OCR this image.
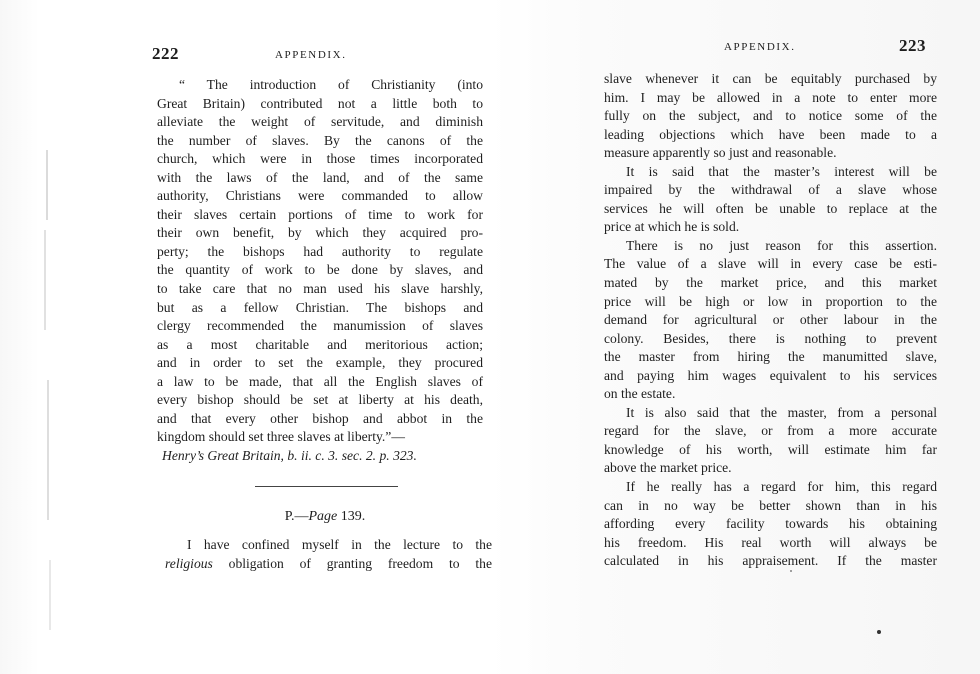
222	APPENDIX.
“ The introduction of Christianity (into
Great Britain) contributed not a little both to
alleviate the weight of servitude, and diminish
the number of slaves. By the canons of the
church, which were in those times incorporated
with the laws of the land, and of the same
authority, Christians were commanded to allow
their slaves certain portions of time to work for
their own benefit, by which they acquired pro-
perty; the bishops had authority to regulate
the quantity of work to be done by slaves, and
to take care that no man used his slave harshly,
but as a fellow Christian. The bishops and
clergy recommended the manumission of slaves
as a most charitable and meritorious action;
and in order to set the example, they procured
a law to be made, that all the English slaves of
every bishop should be set at liberty at his death,
and that every other bishop and abbot in the
kingdom should set three slaves at liberty.”—
Henry’s Great Britain, b. ii. c. 3. sec. 2. p. 323.
P.—Page 139.
I have confined myself in the lecture to the
religious obligation of granting freedom to the
APPENDIX.	223
slave whenever it can be equitably purchased by
him. I may be allowed in a note to enter more
fully on the subject, and to notice some of the
leading objections which have been made to a
measure apparently so just and reasonable.
It is said that the master’s interest will be
impaired by the withdrawal of a slave whose
services he will often be unable to replace at the
price at which he is sold.
There is no just reason for this assertion.
The value of a slave will in every case be esti-
mated by the market price, and this market
price will be high or low in proportion to the
demand for agricultural or other labour in the
colony. Besides, there is nothing to prevent
the master from hiring the manumitted slave,
and paying him wages equivalent to his services
on the estate.
It is also said that the master, from a personal
regard for the slave, or from a more accurate
knowledge of his worth, will estimate him far
above the market price.
If he really has a regard for him, this regard
can in no way be better shown than in his
affording every facility towards his obtaining
his freedom. His real worth will always be
calculated in his appraisement. If the master
